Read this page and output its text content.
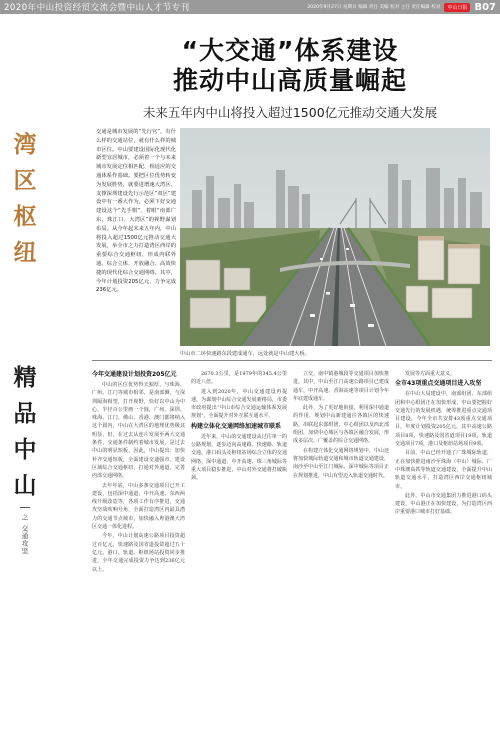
2020年中山投资经贸交流会暨中山人才节专刊	2020年9月27日 星期日 编辑 责任 美编 校对 主任 责任编辑 校对	中山日报 B07
湾
区
枢
纽
精
品
中
山
之 交通攻坚
“大交通”体系建设
推动中山高质量崛起
未来五年内中山将投入超过1500亿元推动交通大发展
交通是城市发展的“先行官”，有什么样的交通站位，就有什么样的城市区位。中山要建设国际化现代化新型宜居城市，必须着一个与未来城市发展定位相匹配、相适应的交通体系作基础。要把区位优势转变为发展胜势，就要进增速大湾区、支撑深圳建设先行示范区“双区”建设中有一番大作为，必须下好交通建设这个“先手棋”，着眼“南部广东、珠江口、大湾区”的视野谋划布局。从今年起未来五年内，中山将投入超过1500亿元推动交通大发展，举全市之力打造湾区西岸的重要综合交通枢纽，形成内联外通、综合立体、开放融合、高效快捷的现代化综合交通网络。其中，今年计划投资205亿元，力争完成236亿元。
中山市二环快速路东段建成通车，远处就是中山建大桥。
今年交通建设计划投资205亿元

中山的区位优势得天独厚，与珠海、广州、江门等城市相邻，是南部侧，与深圳隔海相望，打开视野，恰好以中山为中心，半径百公里画一个圆，广州、深圳、珠海、江门、佛山、香港、澳门都将纳入这个圆内，中山在大湾区的地理优势极其明显，但，在过去从连片发展至两大交通条件，交通条件制约着城市发展，是过去中山的明显短板，因此，中山提出：加快补齐交通短板，全面建设交通强市，建设区域综合交通枢纽，打通对外通道，完善内部交通网络。

去年年底，中山多条交通项目已开工建设，包括深中通道、中开高速、东西两线升级改造等，各项工作有序推进，交通攻坚战吹响号角，全面打造湾区内最具潜力的交通节点城市，加快融入粤港澳大湾区交通一体化进程。

今年，中山计划高速公路项目投资超过百亿元，快速路及国省道投资超过五十亿元，港口、轨道、枢纽场站投资同步推进，全年交通完成投资力争达到236亿元以上。

2670.3公里，是1979年的345.4公里的近八倍。

进入到2020年，中山交通建设再提速，为谋划中山综合交通发展新格局，市委市政府提出“中山市综合交通运输体系发展规划”，全面提升对外互联互通水平。

构建立体化交通网络加速城市联系

近年来，中山的交通建设从过往单一的公路规划，逐步迈向高速路、快速路、轨道交通、港口码头及枢纽站场综合立体的交通网络，深中通道、中开高速、珠三角城际等重大项目稳步推进，中山对外交通将打破瓶颈。

立交，南中镇港城段等交通项目加快推进。其中，中山至江门高速公路项目已建成通车，中开高速、香海高速等项目计划今年年底建成通车。

此外，为了更好地衔接，利用深中通道的作用，规划中山新建通往各镇区的快速路，串联起东部组团、中心组团以及西北部组团，加快中心城区与各镇区融合发展，形成多层次、广覆盖的综合交通网络。

在构建立体化交通网络规划中，中山还将加快城际轨道交通和城市轨道交通建设，南沙至中山至江门城际、深中城际等项目正在规划推进，中山有望迈入轨道交通时代。

发展等方面重大意义。

全市43项重点交通项目进入攻坚

在中山大局建设中，南部组团、东部组团和中心组团正在加快形成，中山要把握好交通先行的发展机遇，统筹推进重点交通项目建设，今年全市共安排43项重点交通项目，年度计划投资205亿元，其中高速公路项目8项，快速路及国省道项目19项，轨道交通项目7项，港口及枢纽站场项目9项。

目前，中山已经开通了广珠城际轨道，正在加快推进南沙至珠海（中山）城际、广中珠澳高铁等轨道交通建设，全面提升中山轨道交通水平，打造湾区西岸交通枢纽城市。

此外，中山市交通集团力推进港口码头建设，中山港正在加快建设，为打造湾区西岸重要港口城市打好基础。
